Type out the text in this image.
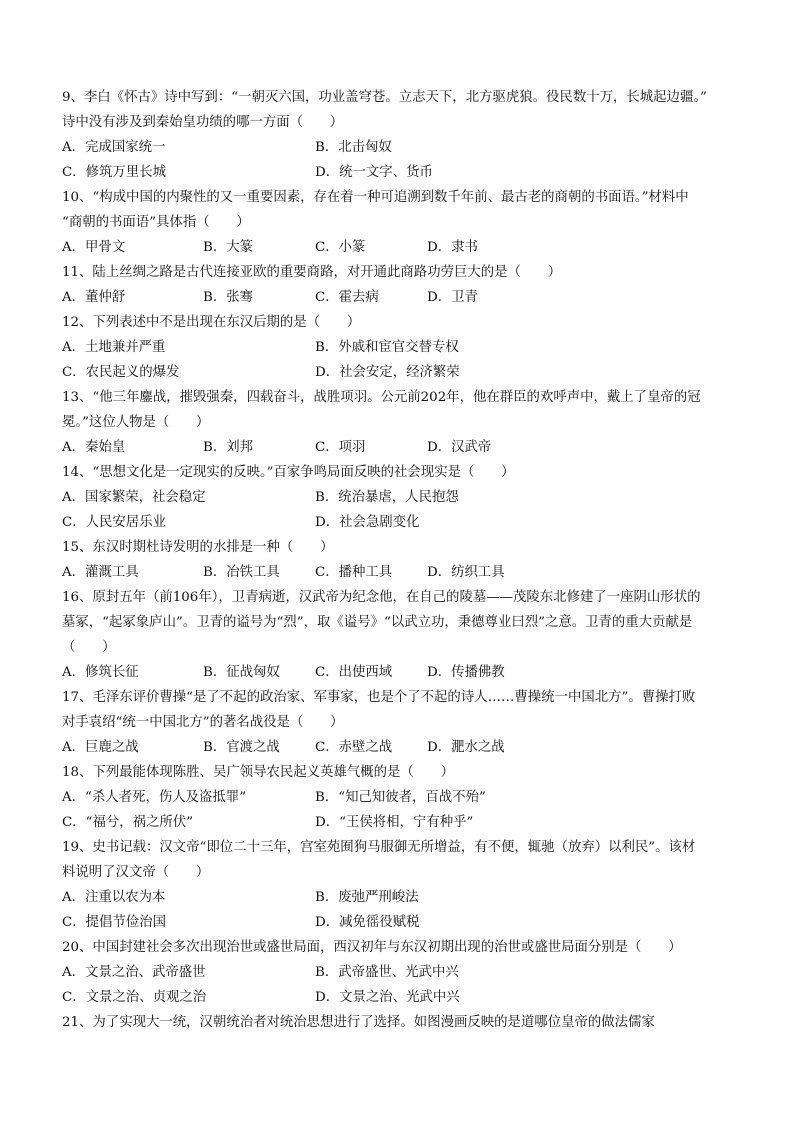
9、李白《怀古》诗中写到：“一朝灭六国，功业盖穹苍。立志天下，北方驱虎狼。役民数十万，长城起边疆。”
诗中没有涉及到秦始皇功绩的哪一方面（　　）
A．完成国家统一	B．北击匈奴
C．修筑万里长城	D．统一文字、货币
10、“构成中国的内聚性的又一重要因素，存在着一种可追溯到数千年前、最古老的商朝的书面语。”材料中
“商朝的书面语”具体指（　　）
A．甲骨文	B．大篆	C．小篆	D．隶书
11、陆上丝绸之路是古代连接亚欧的重要商路，对开通此商路功劳巨大的是（　　）
A．董仲舒	B．张骞	C．霍去病	D．卫青
12、下列表述中不是出现在东汉后期的是（　　）
A．土地兼并严重	B．外戚和宦官交替专权
C．农民起义的爆发	D．社会安定，经济繁荣
13、“他三年鏖战，摧毁强秦，四载奋斗，战胜项羽。公元前202年，他在群臣的欢呼声中，戴上了皇帝的冠
冕。”这位人物是（　　）
A．秦始皇	B．刘邦	C．项羽	D．汉武帝
14、“思想文化是一定现实的反映。”百家争鸣局面反映的社会现实是（　　）
A．国家繁荣，社会稳定	B．统治暴虐，人民抱怨
C．人民安居乐业	D．社会急剧变化
15、东汉时期杜诗发明的水排是一种（　　）
A．灌溉工具	B．冶铁工具	C．播种工具	D．纺织工具
16、原封五年（前106年），卫青病逝，汉武帝为纪念他，在自己的陵墓——茂陵东北修建了一座阴山形状的
墓冢，“起冢象庐山”。卫青的谥号为“烈”，取《谥号》“以武立功，秉德尊业曰烈”之意。卫青的重大贡献是
（　　）
A．修筑长征	B．征战匈奴	C．出使西域	D．传播佛教
17、毛泽东评价曹操“是了不起的政治家、军事家，也是个了不起的诗人……曹操统一中国北方”。曹操打败
对手袁绍“统一中国北方”的著名战役是（　　）
A．巨鹿之战	B．官渡之战	C．赤壁之战	D．淝水之战
18、下列最能体现陈胜、吴广领导农民起义英雄气概的是（　　）
A．“杀人者死，伤人及盗抵罪”	B．“知己知彼者，百战不殆”
C．“福兮，祸之所伏”	D．“王侯将相，宁有种乎”
19、史书记载：汉文帝“即位二十三年，宫室苑囿狗马服御无所增益，有不便，辄驰（放弃）以利民”。该材
料说明了汉文帝（　　）
A．注重以农为本	B．废弛严刑峻法
C．提倡节俭治国	D．减免徭役赋税
20、中国封建社会多次出现治世或盛世局面，西汉初年与东汉初期出现的治世或盛世局面分别是（　　）
A．文景之治、武帝盛世	B．武帝盛世、光武中兴
C．文景之治、贞观之治	D．文景之治、光武中兴
21、为了实现大一统，汉朝统治者对统治思想进行了选择。如图漫画反映的是道哪位皇帝的做法儒家
